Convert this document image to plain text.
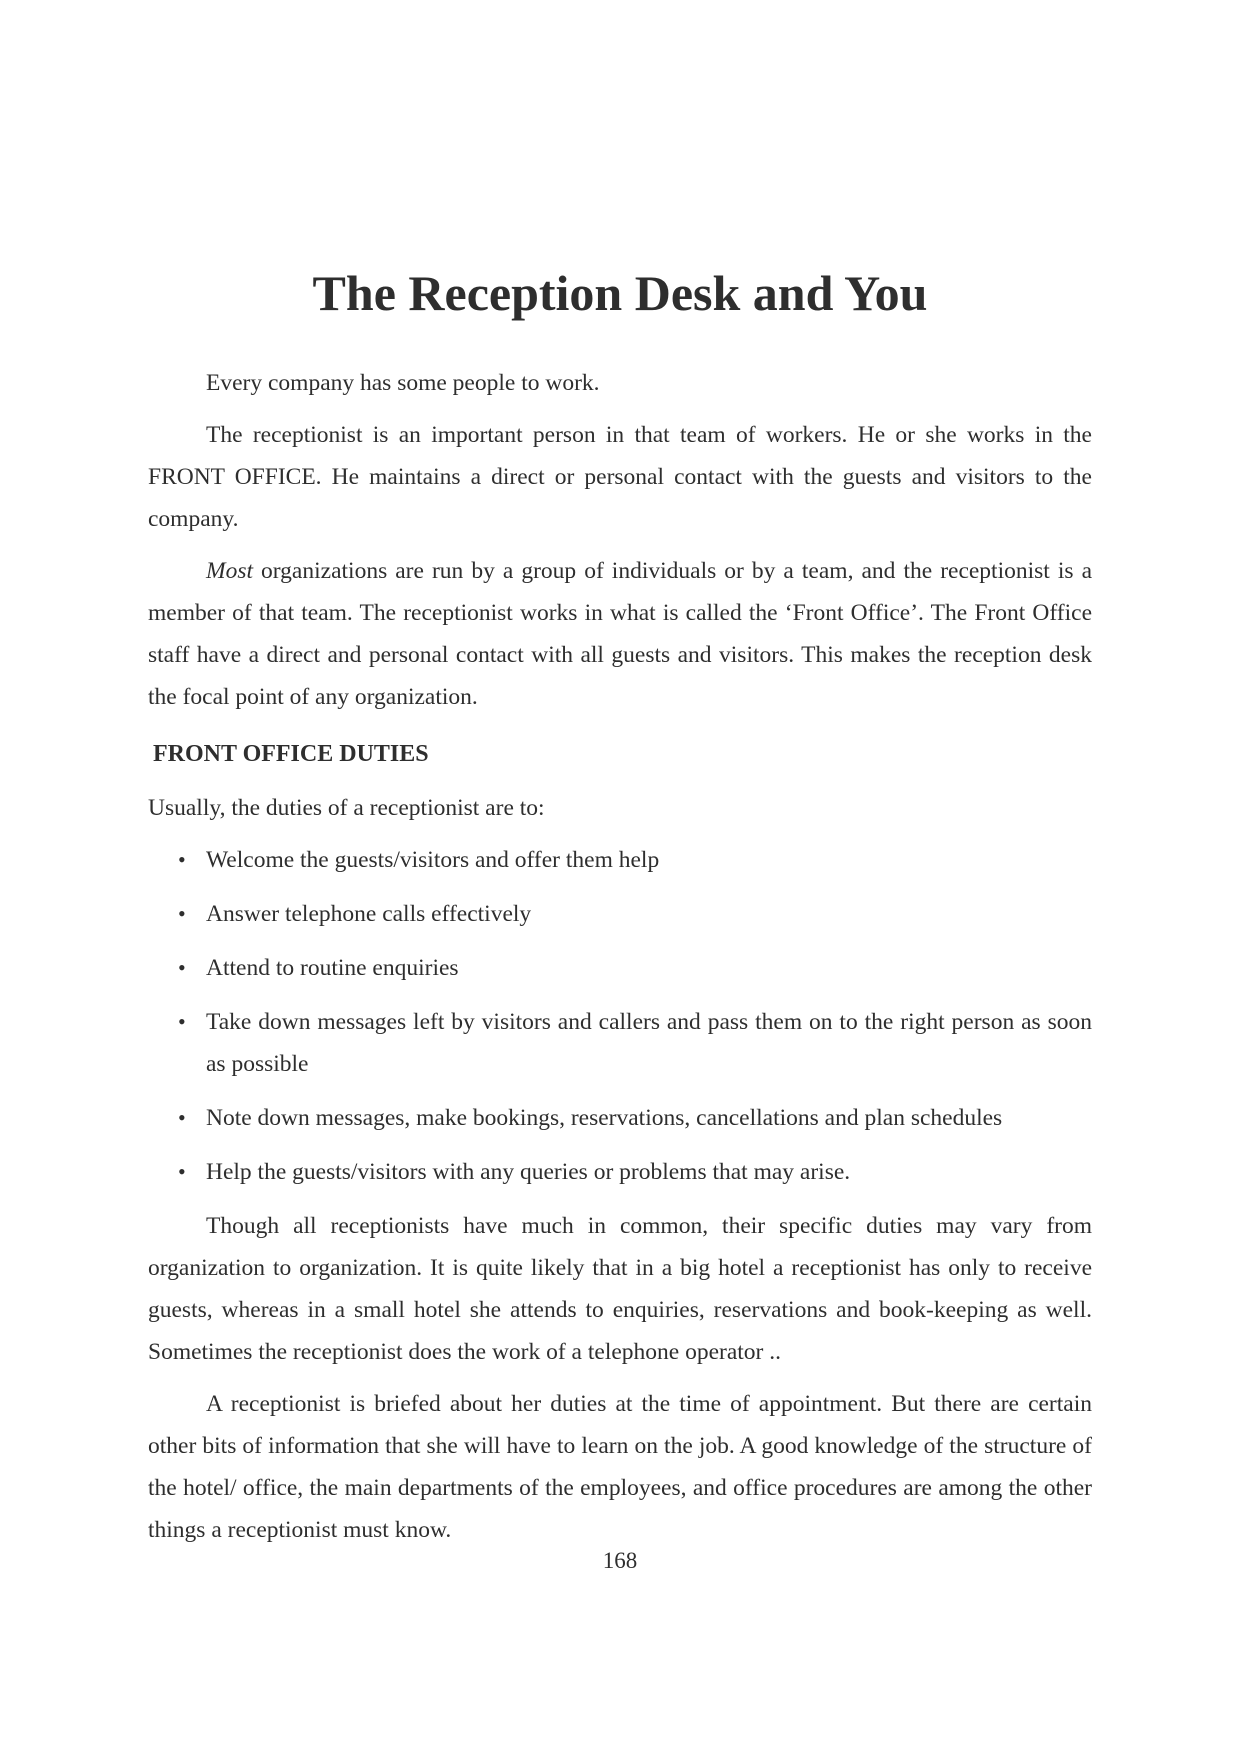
The Reception Desk and You

Every company has some people to work.

The receptionist is an important person in that team of workers. He or she works in the FRONT OFFICE. He maintains a direct or personal contact with the guests and visitors to the company.

Most organizations are run by a group of individuals or by a team, and the receptionist is a member of that team. The receptionist works in what is called the ‘Front Office’. The Front Office staff have a direct and personal contact with all guests and visitors. This makes the reception desk the focal point of any organization.

FRONT OFFICE DUTIES

Usually, the duties of a receptionist are to:

• Welcome the guests/visitors and offer them help
• Answer telephone calls effectively
• Attend to routine enquiries
• Take down messages left by visitors and callers and pass them on to the right person as soon as possible
• Note down messages, make bookings, reservations, cancellations and plan schedules
• Help the guests/visitors with any queries or problems that may arise.

Though all receptionists have much in common, their specific duties may vary from organization to organization. It is quite likely that in a big hotel a receptionist has only to receive guests, whereas in a small hotel she attends to enquiries, reservations and book-keeping as well. Sometimes the receptionist does the work of a telephone operator ..

A receptionist is briefed about her duties at the time of appointment. But there are certain other bits of information that she will have to learn on the job. A good knowledge of the structure of the hotel/ office, the main departments of the employees, and office procedures are among the other things a receptionist must know.

168
